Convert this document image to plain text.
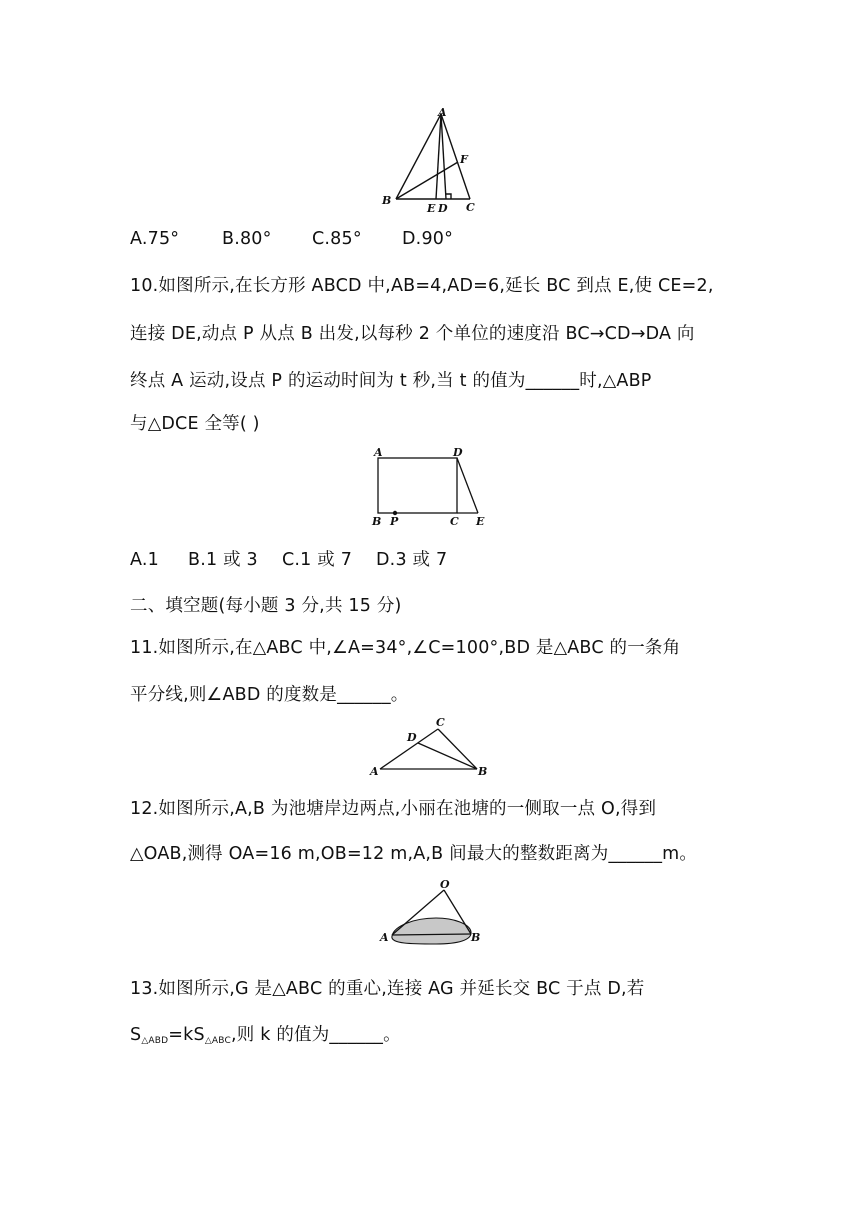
A
F
B
E D C
A.75° B.80° C.85° D.90°
10.如图所示,在长方形 ABCD 中,AB=4,AD=6,延长 BC 到点 E,使 CE=2,
连接 DE,动点 P 从点 B 出发,以每秒 2 个单位的速度沿 BC→CD→DA 向
终点 A 运动,设点 P 的运动时间为 t 秒,当 t 的值为______时,△ABP
与△DCE 全等( )
A	D
B P	C E
A.1 B.1 或 3 C.1 或 7 D.3 或 7
二、填空题(每小题 3 分,共 15 分)
11.如图所示,在△ABC 中,∠A=34°,∠C=100°,BD 是△ABC 的一条角
平分线,则∠ABD 的度数是______。
A
C
D
B
12.如图所示,A,B 为池塘岸边两点,小丽在池塘的一侧取一点 O,得到
△OAB,测得 OA=16 m,OB=12 m,A,B 间最大的整数距离为______m。
O
A	B
13.如图所示,G 是△ABC 的重心,连接 AG 并延长交 BC 于点 D,若
$S_{\triangle ABD}=kS_{\triangle ABC}$,则 k 的值为______。
